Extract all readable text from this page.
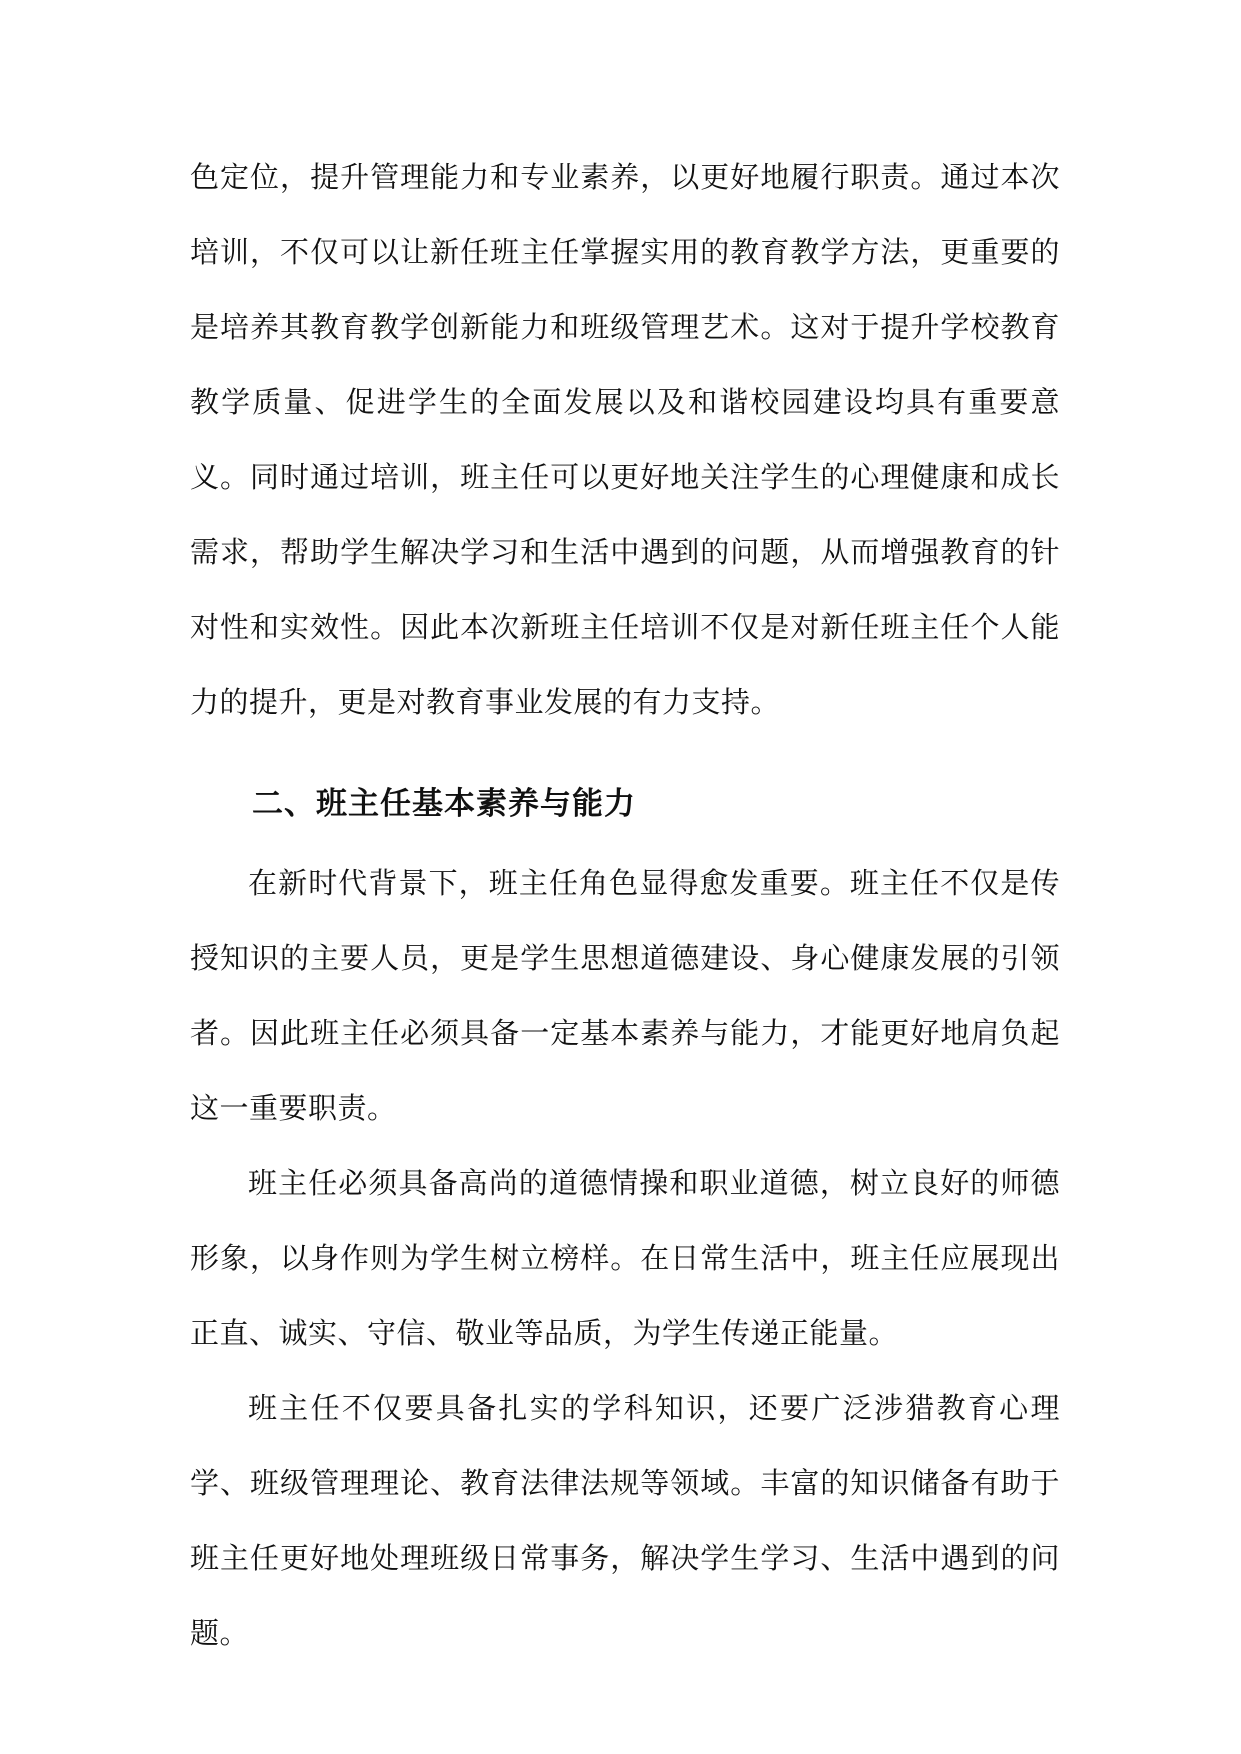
色定位，提升管理能力和专业素养，以更好地履行职责。通过本次培训，不仅可以让新任班主任掌握实用的教育教学方法，更重要的是培养其教育教学创新能力和班级管理艺术。这对于提升学校教育教学质量、促进学生的全面发展以及和谐校园建设均具有重要意义。同时通过培训，班主任可以更好地关注学生的心理健康和成长需求，帮助学生解决学习和生活中遇到的问题，从而增强教育的针对性和实效性。因此本次新班主任培训不仅是对新任班主任个人能力的提升，更是对教育事业发展的有力支持。

二、班主任基本素养与能力

在新时代背景下，班主任角色显得愈发重要。班主任不仅是传授知识的主要人员，更是学生思想道德建设、身心健康发展的引领者。因此班主任必须具备一定基本素养与能力，才能更好地肩负起这一重要职责。

班主任必须具备高尚的道德情操和职业道德，树立良好的师德形象，以身作则为学生树立榜样。在日常生活中，班主任应展现出正直、诚实、守信、敬业等品质，为学生传递正能量。

班主任不仅要具备扎实的学科知识，还要广泛涉猎教育心理学、班级管理理论、教育法律法规等领域。丰富的知识储备有助于班主任更好地处理班级日常事务，解决学生学习、生活中遇到的问题。
